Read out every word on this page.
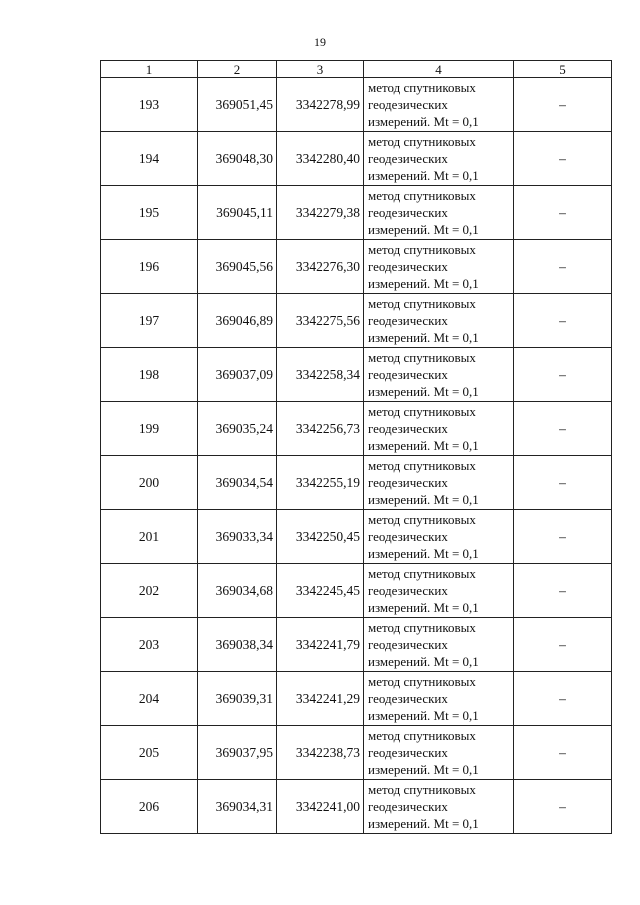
19
1	2	3	4	5
193	369051,45	3342278,99	метод спутниковых
геодезических
измерений. Mt = 0,1	–
194	369048,30	3342280,40	метод спутниковых
геодезических
измерений. Mt = 0,1	–
195	369045,11	3342279,38	метод спутниковых
геодезических
измерений. Mt = 0,1	–
196	369045,56	3342276,30	метод спутниковых
геодезических
измерений. Mt = 0,1	–
197	369046,89	3342275,56	метод спутниковых
геодезических
измерений. Mt = 0,1	–
198	369037,09	3342258,34	метод спутниковых
геодезических
измерений. Mt = 0,1	–
199	369035,24	3342256,73	метод спутниковых
геодезических
измерений. Mt = 0,1	–
200	369034,54	3342255,19	метод спутниковых
геодезических
измерений. Mt = 0,1	–
201	369033,34	3342250,45	метод спутниковых
геодезических
измерений. Mt = 0,1	–
202	369034,68	3342245,45	метод спутниковых
геодезических
измерений. Mt = 0,1	–
203	369038,34	3342241,79	метод спутниковых
геодезических
измерений. Mt = 0,1	–
204	369039,31	3342241,29	метод спутниковых
геодезических
измерений. Mt = 0,1	–
205	369037,95	3342238,73	метод спутниковых
геодезических
измерений. Mt = 0,1	–
206	369034,31	3342241,00	метод спутниковых
геодезических
измерений. Mt = 0,1	–
